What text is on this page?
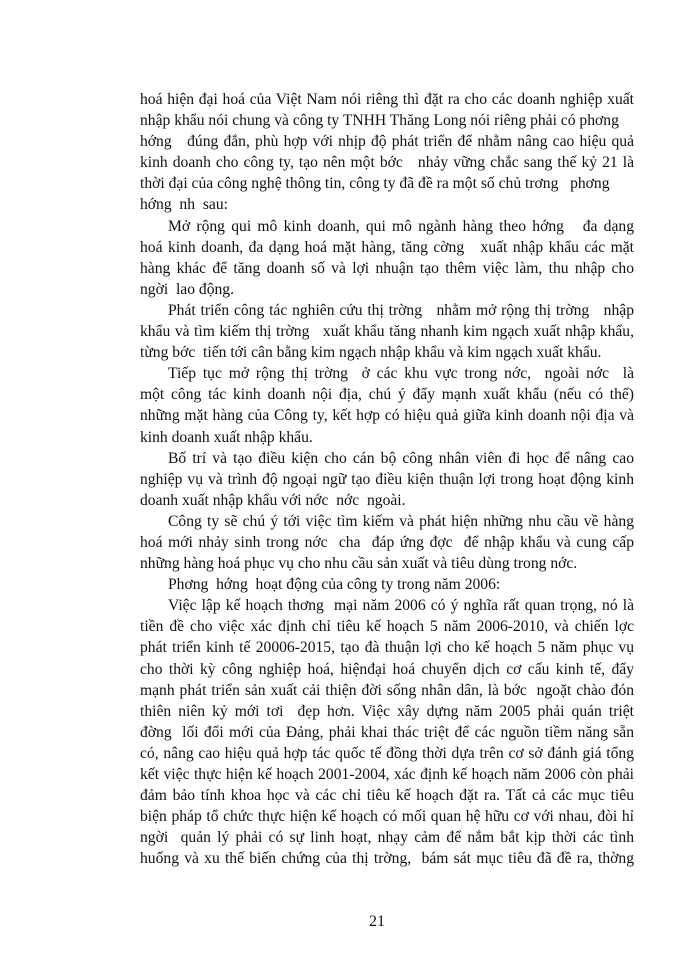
hoá hiện đại hoá của Việt Nam nói riêng thì đặt ra cho các doanh nghiệp xuất
nhập khẩu nói chung và công ty TNHH Thăng Long nói riêng phải có phơng
hớng   đúng đắn, phù hợp với nhịp độ phát triển để nhằm nâng cao hiệu quả
kinh doanh cho công ty, tạo nên một bớc   nhảy vững chắc sang thế kỷ 21 là
thời đại của công nghệ thông tin, công ty đã đề ra một số chủ trơng   phơng
hớng  nh  sau:
Mở rộng qui mô kinh doanh, qui mô ngành hàng theo hớng   đa dạng
hoá kinh doanh, đa dạng hoá mặt hàng, tăng cờng   xuất nhập khẩu các mặt
hàng khác để tăng doanh số và lợi nhuận tạo thêm việc làm, thu nhập cho
ngời  lao động.
Phát triển công tác nghiên cứu thị trờng   nhằm mở rộng thị trờng   nhập
khẩu và tìm kiếm thị trờng   xuất khẩu tăng nhanh kim ngạch xuất nhập khẩu,
từng bớc  tiến tới cân bằng kim ngạch nhập khẩu và kim ngạch xuất khẩu.
Tiếp tục mở rộng thị trờng  ở các khu vực trong nớc,  ngoài nớc  là
một công tác kinh doanh nội địa, chú ý đẩy mạnh xuất khẩu (nếu có thể)
những mặt hàng của Công ty, kết hợp có hiệu quả giữa kinh doanh nội địa và
kinh doanh xuất nhập khẩu.
Bố trí và tạo điều kiện cho cán bộ công nhân viên đi học để nâng cao
nghiệp vụ và trình độ ngoại ngữ tạo điều kiện thuận lợi trong hoạt động kinh
doanh xuất nhập khẩu với nớc  nớc  ngoài.
Công ty sẽ chú ý tới việc tìm kiếm và phát hiện những nhu cầu về hàng
hoá mới nhảy sinh trong nớc  cha  đáp ứng đợc  để nhập khẩu và cung cấp
những hàng hoá phục vụ cho nhu cầu sản xuất và tiêu dùng trong nớc.
Phơng  hớng  hoạt động của công ty trong năm 2006:
Việc lập kế hoạch thơng  mại năm 2006 có ý nghĩa rất quan trọng, nó là
tiền đề cho việc xác định chỉ tiêu kế hoạch 5 năm 2006-2010, và chiến lợc
phát triển kinh tế 20006-2015, tạo đà thuận lợi cho kế hoạch 5 năm phục vụ
cho thời kỳ công nghiệp hoá, hiệnđại hoá chuyển dịch cơ cấu kinh tế, đẩy
mạnh phát triển sản xuất cải thiện đời sống nhân dân, là bớc  ngoặt chào đón
thiên niên kỷ mới tơi  đẹp hơn. Việc xây dựng năm 2005 phải quán triệt
đờng  lối đổi mới của Đảng, phải khai thác triệt để các nguồn tiềm năng sẵn
có, nâng cao hiệu quả hợp tác quốc tế đồng thời dựa trên cơ sở đánh giá tổng
kết việc thực hiện kế hoạch 2001-2004, xác định kế hoạch năm 2006 còn phải
đảm bảo tính khoa học và các chỉ tiêu kế hoạch đặt ra. Tất cả các mục tiêu
biện pháp tổ chức thực hiện kế hoạch có mối quan hệ hữu cơ với nhau, đòi hỉ
ngời  quản lý phải có sự linh hoạt, nhạy cảm để nắm bắt kịp thời các tình
huống và xu thế biến chứng của thị trờng,  bám sát mục tiêu đã đề ra, thờng
21
